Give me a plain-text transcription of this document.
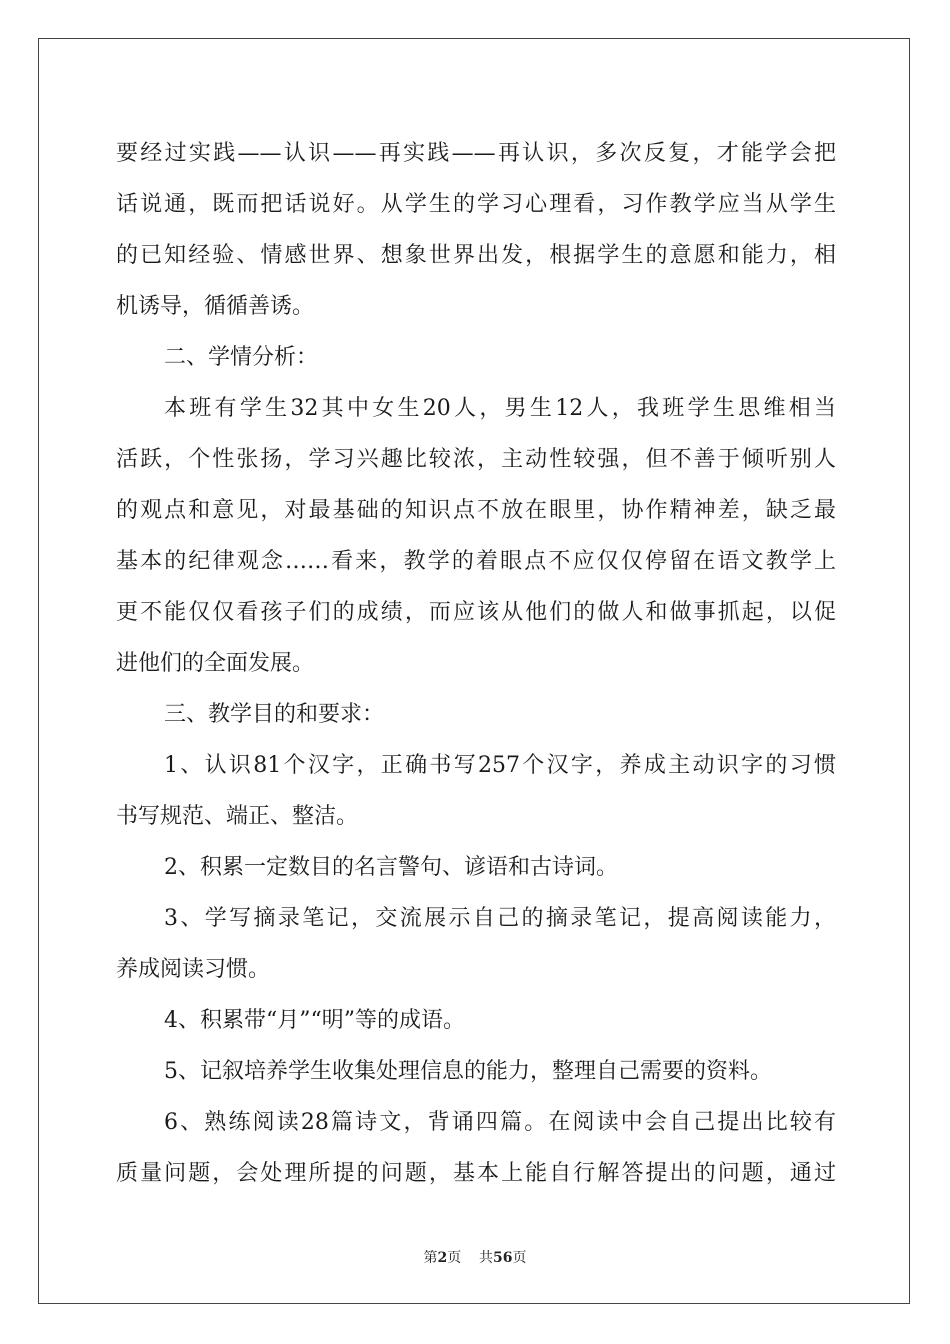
要经过实践——认识——再实践——再认识，多次反复，才能学会把
话说通，既而把话说好。从学生的学习心理看，习作教学应当从学生
的已知经验、情感世界、想象世界出发，根据学生的意愿和能力，相
机诱导，循循善诱。
二、学情分析：
本班有学生32其中女生20人，男生12人，我班学生思维相当
活跃，个性张扬，学习兴趣比较浓，主动性较强，但不善于倾听别人
的观点和意见，对最基础的知识点不放在眼里，协作精神差，缺乏最
基本的纪律观念……看来，教学的着眼点不应仅仅停留在语文教学上
更不能仅仅看孩子们的成绩，而应该从他们的做人和做事抓起，以促
进他们的全面发展。
三、教学目的和要求：
1、认识81个汉字，正确书写257个汉字，养成主动识字的习惯
书写规范、端正、整洁。
2、积累一定数目的名言警句、谚语和古诗词。
3、学写摘录笔记，交流展示自己的摘录笔记，提高阅读能力，
养成阅读习惯。
4、积累带“月”“明”等的成语。
5、记叙培养学生收集处理信息的能力，整理自己需要的资料。
6、熟练阅读28篇诗文，背诵四篇。在阅读中会自己提出比较有
质量问题，会处理所提的问题，基本上能自行解答提出的问题，通过
第2页 共56页
